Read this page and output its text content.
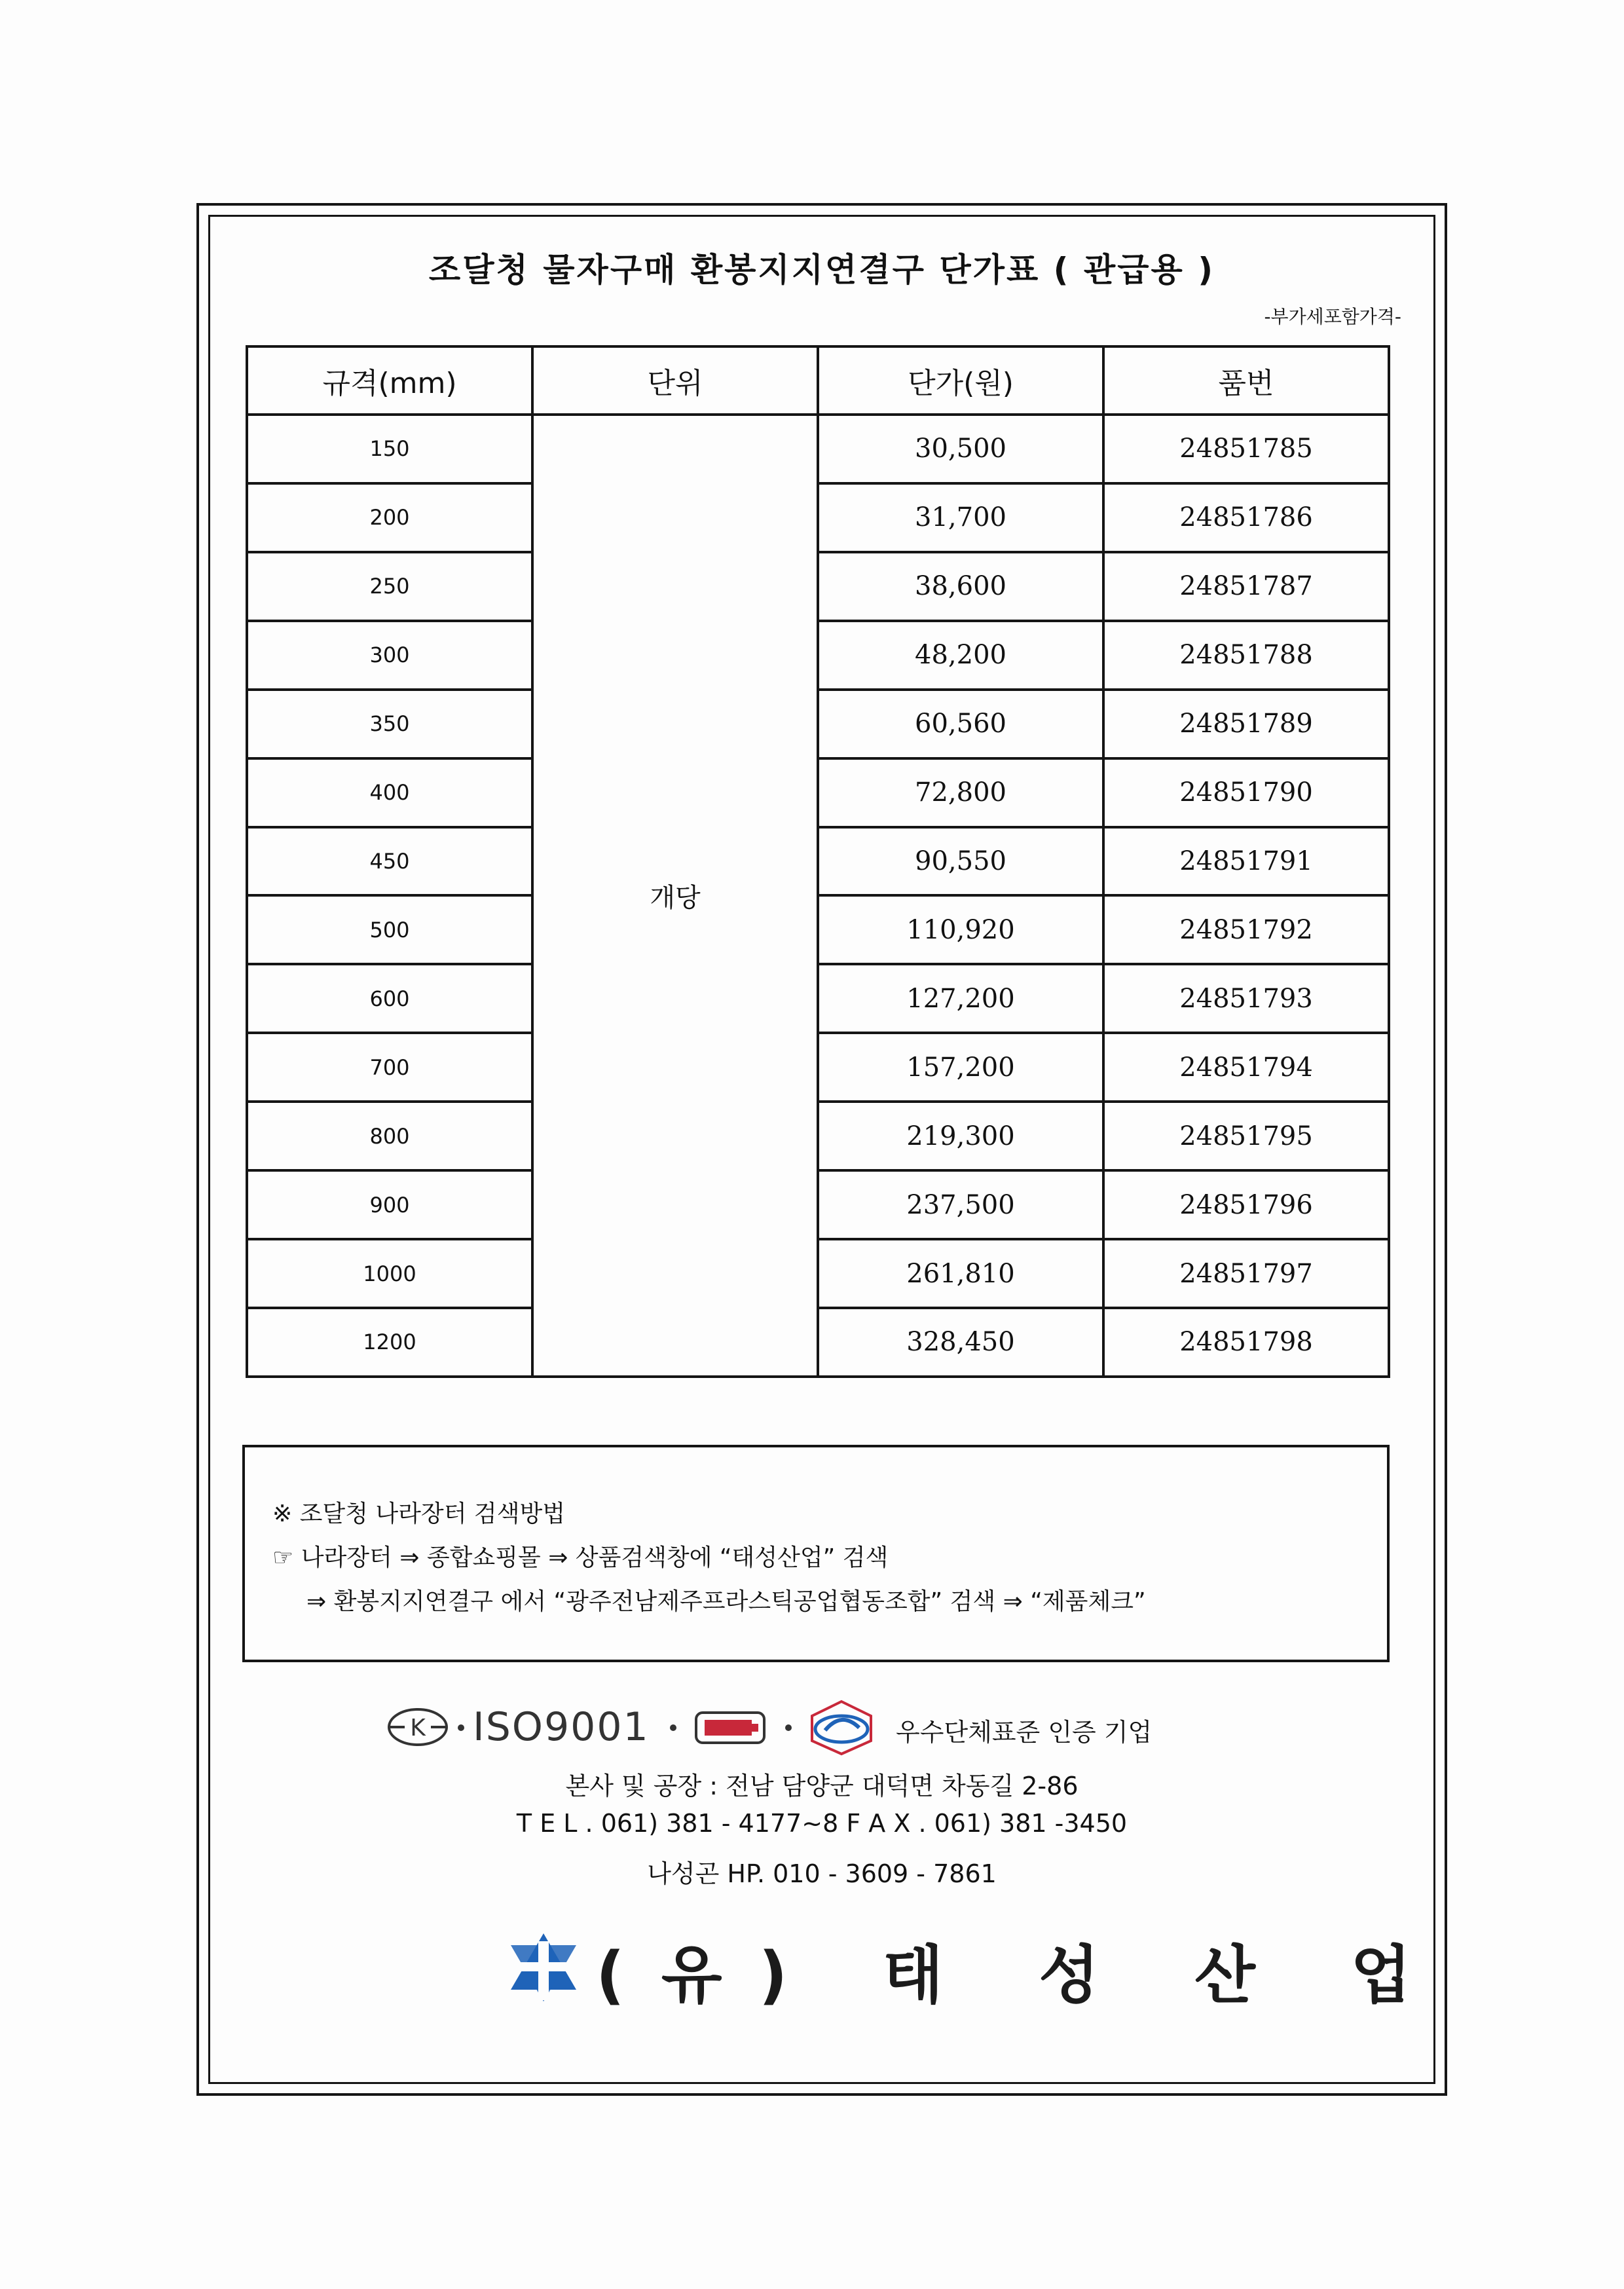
조달청 물자구매 환봉지지연결구 단가표 ( 관급용 )
-부가세포함가격-
규격(mm)	단위	단가(원)	품번
150	개당	30,500	24851785
200		31,700	24851786
250		38,600	24851787
300		48,200	24851788
350		60,560	24851789
400		72,800	24851790
450		90,550	24851791
500		110,920	24851792
600		127,200	24851793
700		157,200	24851794
800		219,300	24851795
900		237,500	24851796
1000		261,810	24851797
1200		328,450	24851798
※ 조달청 나라장터 검색방법
☞ 나라장터 ⇒ 종합쇼핑몰 ⇒ 상품검색창에 “태성산업” 검색
⇒ 환봉지지연결구 에서 “광주전남제주프라스틱공업협동조합” 검색 ⇒ “제품체크”
K ISO9001	우수단체표준 인증 기업
본사 및 공장 : 전남 담양군 대덕면 차동길 2-86
T E L . 061) 381 - 4177~8 F A X . 061) 381 -3450
나성곤 HP. 010 - 3609 - 7861
(유) 태 성 산 업
